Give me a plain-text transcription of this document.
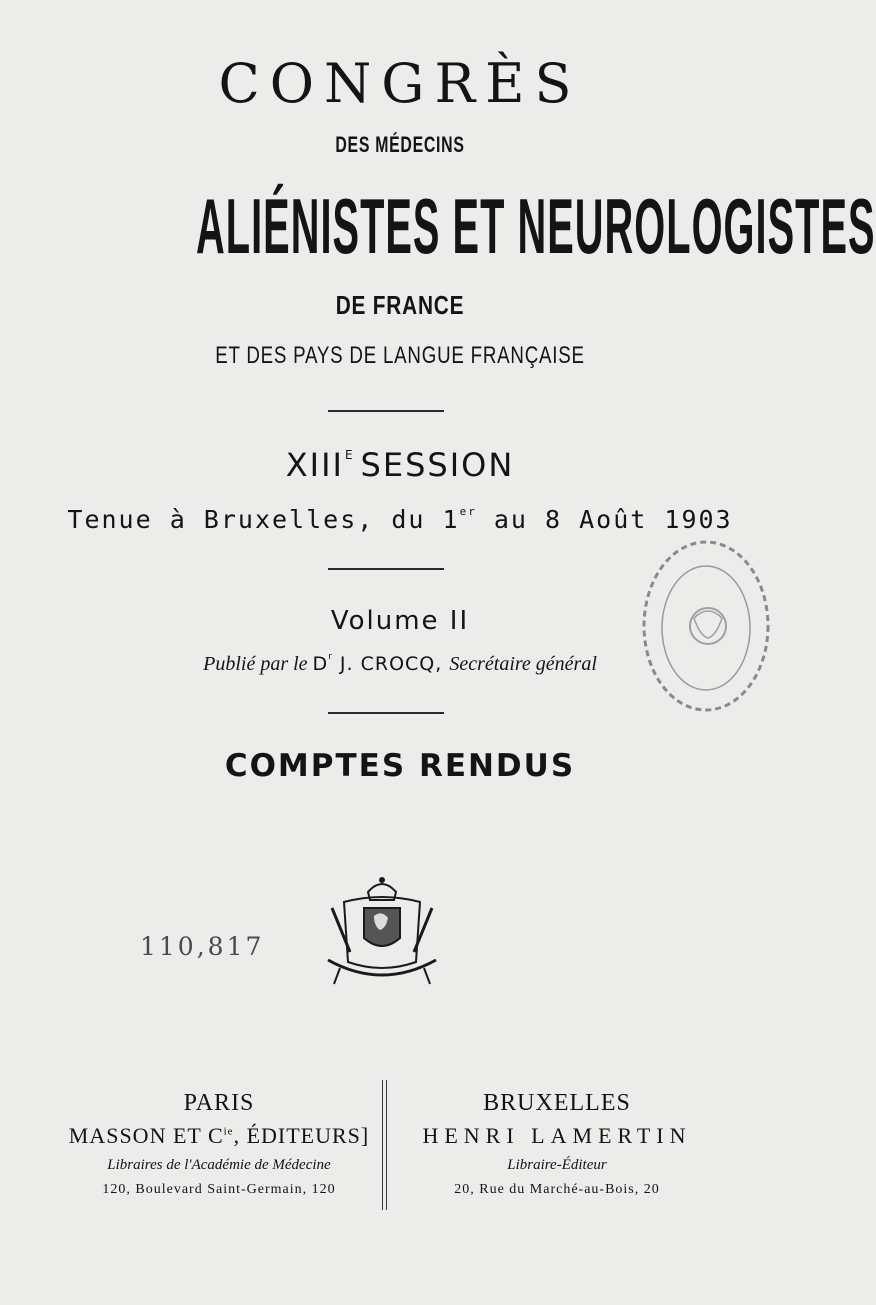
CONGRÈS
DES MÉDECINS
ALIÉNISTES ET NEUROLOGISTES
DE FRANCE
ET DES PAYS DE LANGUE FRANÇAISE
$XIII^E$ SESSION
Tenue à Bruxelles, du 1er au 8 Août 1903
Volume II
Publié par le $D^r$ J. CROCQ, Secrétaire général
COMPTES RENDUS
110,817
PARIS
MASSON ET $C^{ie}$, ÉDITEURS]
Libraires de l'Académie de Médecine
120, Boulevard Saint-Germain, 120
BRUXELLES
HENRI LAMERTIN
Libraire-Éditeur
20, Rue du Marché-au-Bois, 20
